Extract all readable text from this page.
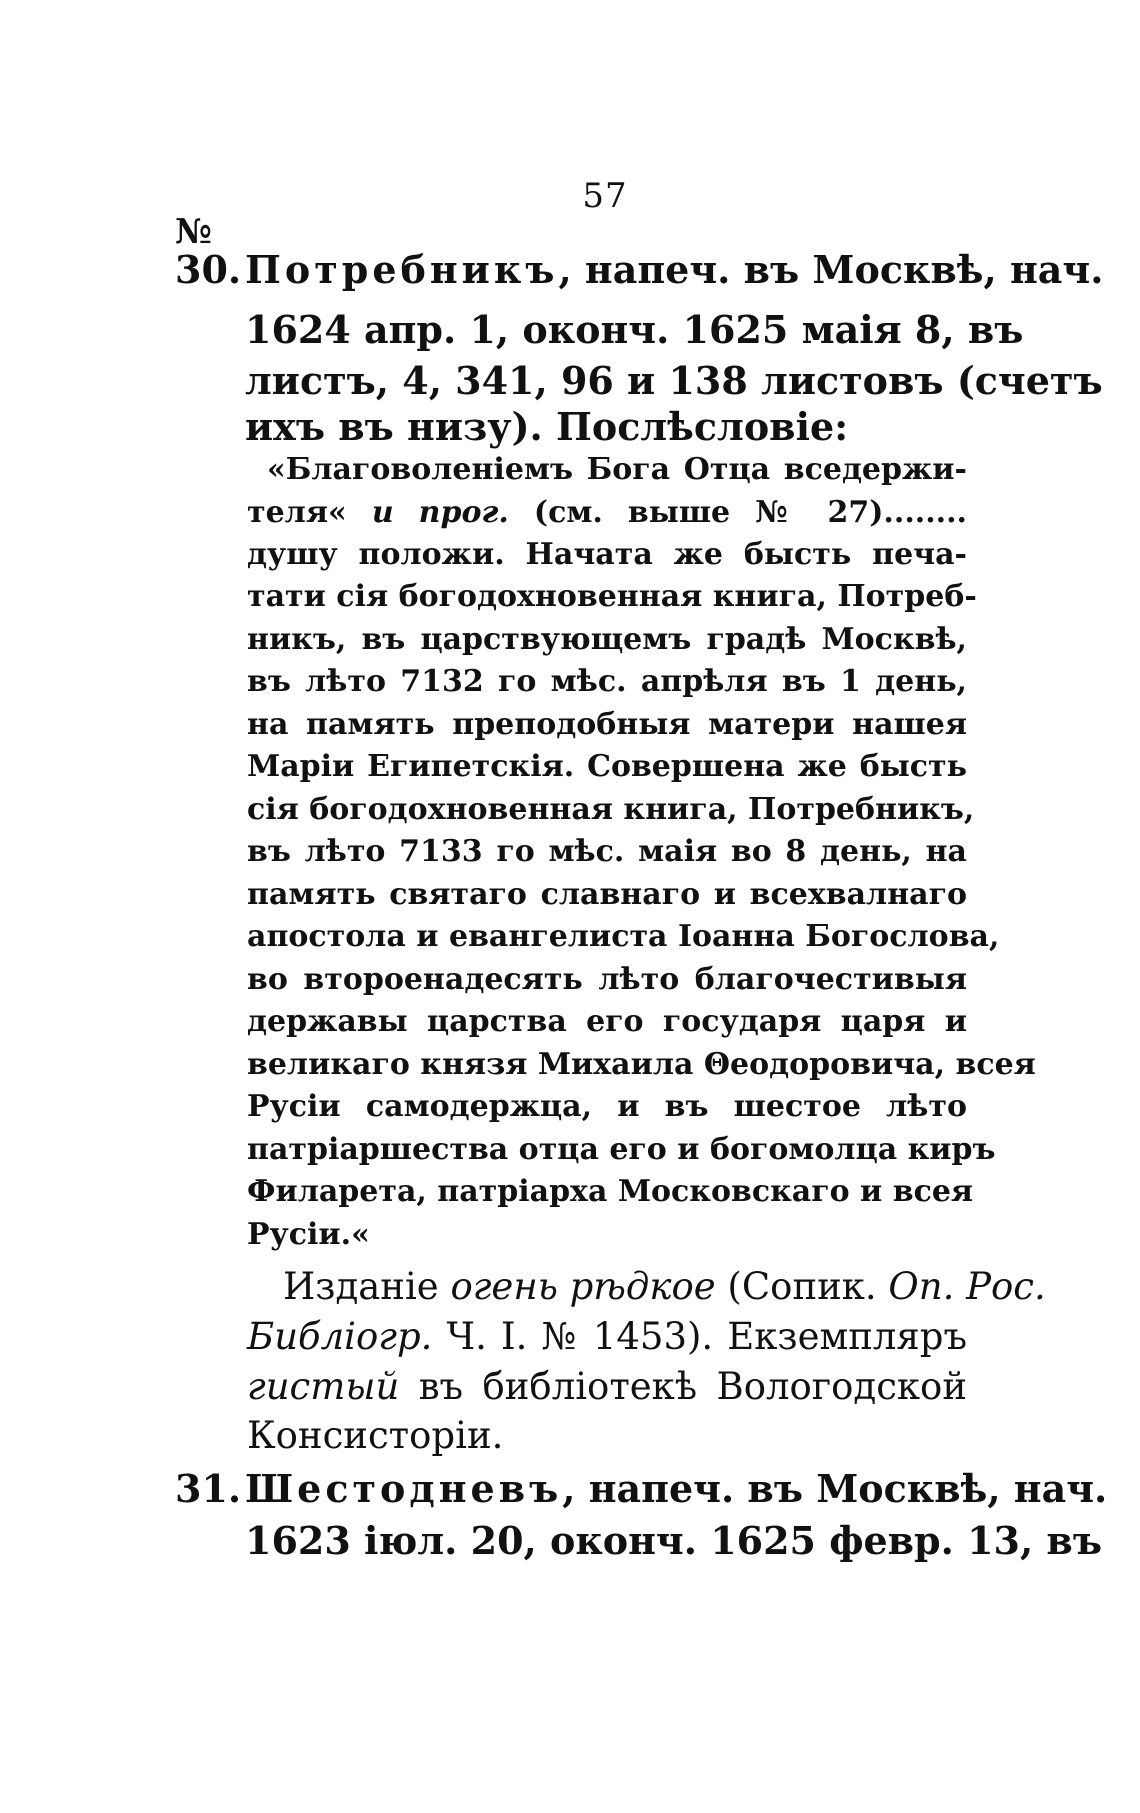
57
№
30. Потребникъ, напеч. въ Москвѣ, нач.
1624 апр. 1, оконч. 1625 маія 8, въ
листъ, 4, 341, 96 и 138 листовъ (счетъ
ихъ въ низу). Послѣсловіе:
«Благоволеніемъ Бога Отца вседержи-
теля« и прог. (см. выше № 27)........
душу положи. Начата же бысть печа-
тати сія богодохновенная книга, Потреб-
никъ, въ царствующемъ градѣ Москвѣ,
въ лѣто 7132 го мѣс. апрѣля въ 1 день,
на память преподобныя матери нашея
Маріи Египетскія. Совершена же бысть
сія богодохновенная книга, Потребникъ,
въ лѣто 7133 го мѣс. маія во 8 день, на
память святаго славнаго и всехвалнаго
апостола и евангелиста Іоанна Богослова,
во второенадесять лѣто благочестивыя
державы царства его государя царя и
великаго князя Михаила Θеодоровича, всея
Русіи самодержца, и въ шестое лѣто
патріаршества отца его и богомолца киръ
Филарета, патріарха Московскаго и всея
Русіи.«
Изданіе огень рѣдкое (Сопик. Оп. Рос.
Библіогр. Ч. I. № 1453). Екземпляръ
гистый въ библіотекѣ Вологодской
Консисторіи.
31. Шестодневъ, напеч. въ Москвѣ, нач.
1623 іюл. 20, оконч. 1625 февр. 13, въ
